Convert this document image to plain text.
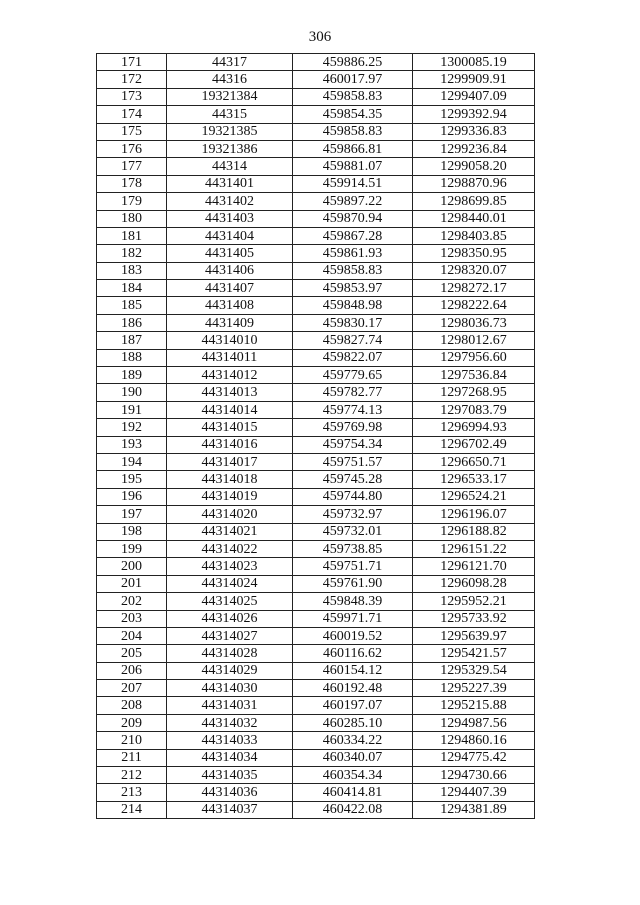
306
171	44317	459886.25	1300085.19
172	44316	460017.97	1299909.91
173	19321384	459858.83	1299407.09
174	44315	459854.35	1299392.94
175	19321385	459858.83	1299336.83
176	19321386	459866.81	1299236.84
177	44314	459881.07	1299058.20
178	4431401	459914.51	1298870.96
179	4431402	459897.22	1298699.85
180	4431403	459870.94	1298440.01
181	4431404	459867.28	1298403.85
182	4431405	459861.93	1298350.95
183	4431406	459858.83	1298320.07
184	4431407	459853.97	1298272.17
185	4431408	459848.98	1298222.64
186	4431409	459830.17	1298036.73
187	44314010	459827.74	1298012.67
188	44314011	459822.07	1297956.60
189	44314012	459779.65	1297536.84
190	44314013	459782.77	1297268.95
191	44314014	459774.13	1297083.79
192	44314015	459769.98	1296994.93
193	44314016	459754.34	1296702.49
194	44314017	459751.57	1296650.71
195	44314018	459745.28	1296533.17
196	44314019	459744.80	1296524.21
197	44314020	459732.97	1296196.07
198	44314021	459732.01	1296188.82
199	44314022	459738.85	1296151.22
200	44314023	459751.71	1296121.70
201	44314024	459761.90	1296098.28
202	44314025	459848.39	1295952.21
203	44314026	459971.71	1295733.92
204	44314027	460019.52	1295639.97
205	44314028	460116.62	1295421.57
206	44314029	460154.12	1295329.54
207	44314030	460192.48	1295227.39
208	44314031	460197.07	1295215.88
209	44314032	460285.10	1294987.56
210	44314033	460334.22	1294860.16
211	44314034	460340.07	1294775.42
212	44314035	460354.34	1294730.66
213	44314036	460414.81	1294407.39
214	44314037	460422.08	1294381.89
